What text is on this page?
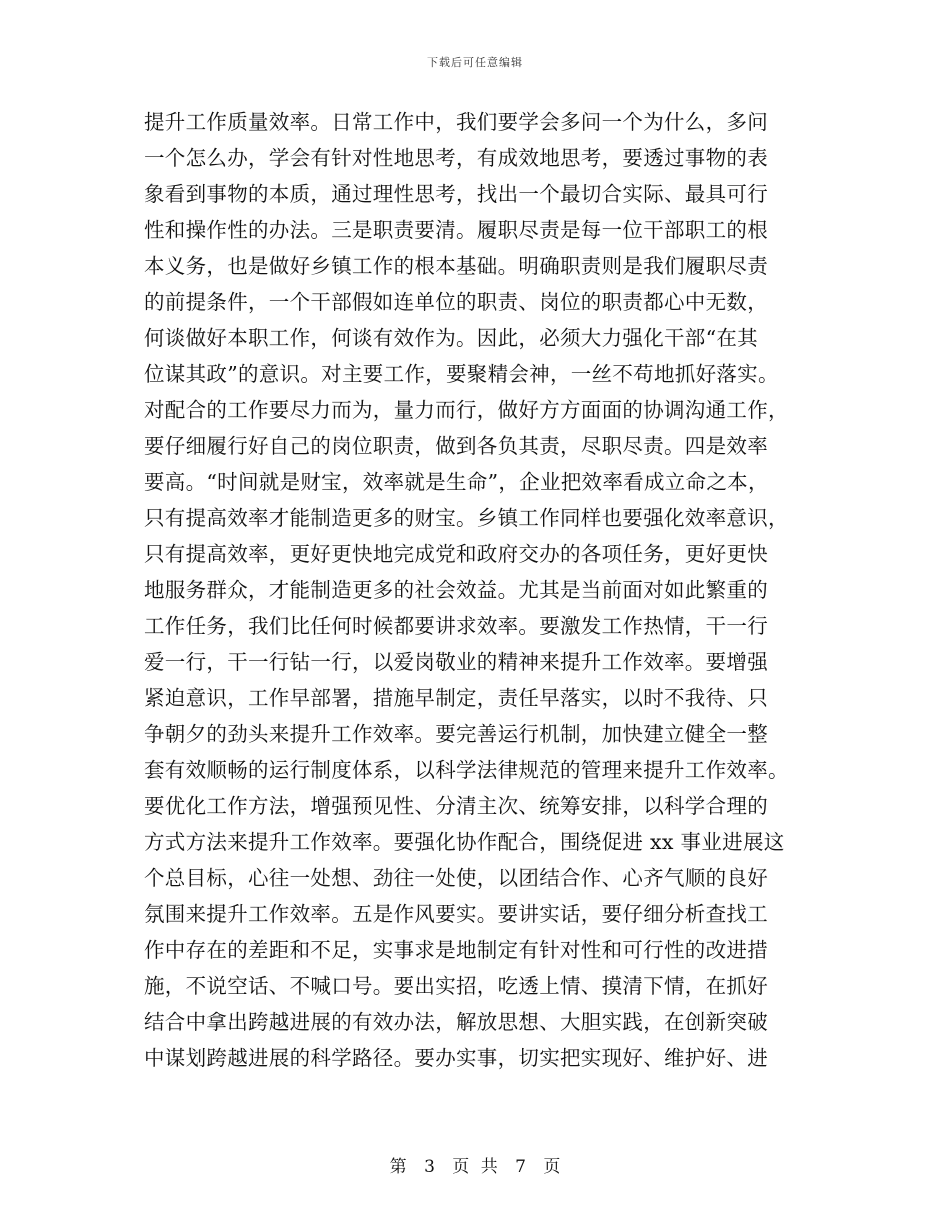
下载后可任意编辑
提升工作质量效率。日常工作中，我们要学会多问一个为什么，多问
一个怎么办，学会有针对性地思考，有成效地思考，要透过事物的表
象看到事物的本质，通过理性思考，找出一个最切合实际、最具可行
性和操作性的办法。三是职责要清。履职尽责是每一位干部职工的根
本义务，也是做好乡镇工作的根本基础。明确职责则是我们履职尽责
的前提条件，一个干部假如连单位的职责、岗位的职责都心中无数，
何谈做好本职工作，何谈有效作为。因此，必须大力强化干部“在其
位谋其政”的意识。对主要工作，要聚精会神，一丝不苟地抓好落实。
对配合的工作要尽力而为，量力而行，做好方方面面的协调沟通工作，
要仔细履行好自己的岗位职责，做到各负其责，尽职尽责。四是效率
要高。“时间就是财宝，效率就是生命”，企业把效率看成立命之本，
只有提高效率才能制造更多的财宝。乡镇工作同样也要强化效率意识，
只有提高效率，更好更快地完成党和政府交办的各项任务，更好更快
地服务群众，才能制造更多的社会效益。尤其是当前面对如此繁重的
工作任务，我们比任何时候都要讲求效率。要激发工作热情，干一行
爱一行，干一行钻一行，以爱岗敬业的精神来提升工作效率。要增强
紧迫意识，工作早部署，措施早制定，责任早落实，以时不我待、只
争朝夕的劲头来提升工作效率。要完善运行机制，加快建立健全一整
套有效顺畅的运行制度体系，以科学法律规范的管理来提升工作效率。
要优化工作方法，增强预见性、分清主次、统筹安排，以科学合理的
方式方法来提升工作效率。要强化协作配合，围绕促进 xx 事业进展这
个总目标，心往一处想、劲往一处使，以团结合作、心齐气顺的良好
氛围来提升工作效率。五是作风要实。要讲实话，要仔细分析查找工
作中存在的差距和不足，实事求是地制定有针对性和可行性的改进措
施，不说空话、不喊口号。要出实招，吃透上情、摸清下情，在抓好
结合中拿出跨越进展的有效办法，解放思想、大胆实践，在创新突破
中谋划跨越进展的科学路径。要办实事，切实把实现好、维护好、进
第 3 页 共 7 页
